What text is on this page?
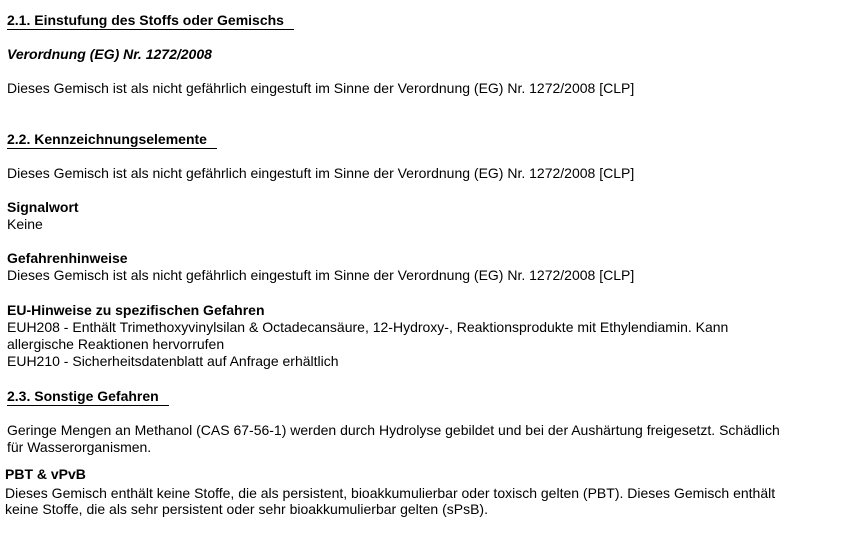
2.1. Einstufung des Stoffs oder Gemischs
Verordnung (EG) Nr. 1272/2008
Dieses Gemisch ist als nicht gefährlich eingestuft im Sinne der Verordnung (EG) Nr. 1272/2008 [CLP]
2.2. Kennzeichnungselemente
Dieses Gemisch ist als nicht gefährlich eingestuft im Sinne der Verordnung (EG) Nr. 1272/2008 [CLP]
Signalwort
Keine
Gefahrenhinweise
Dieses Gemisch ist als nicht gefährlich eingestuft im Sinne der Verordnung (EG) Nr. 1272/2008 [CLP]
EU-Hinweise zu spezifischen Gefahren
EUH208 - Enthält Trimethoxyvinylsilan & Octadecansäure, 12-Hydroxy-, Reaktionsprodukte mit Ethylendiamin. Kann
allergische Reaktionen hervorrufen
EUH210 - Sicherheitsdatenblatt auf Anfrage erhältlich
2.3. Sonstige Gefahren
Geringe Mengen an Methanol (CAS 67-56-1) werden durch Hydrolyse gebildet und bei der Aushärtung freigesetzt. Schädlich
für Wasserorganismen.
PBT & vPvB
Dieses Gemisch enthält keine Stoffe, die als persistent, bioakkumulierbar oder toxisch gelten (PBT). Dieses Gemisch enthält
keine Stoffe, die als sehr persistent oder sehr bioakkumulierbar gelten (sPsB).
